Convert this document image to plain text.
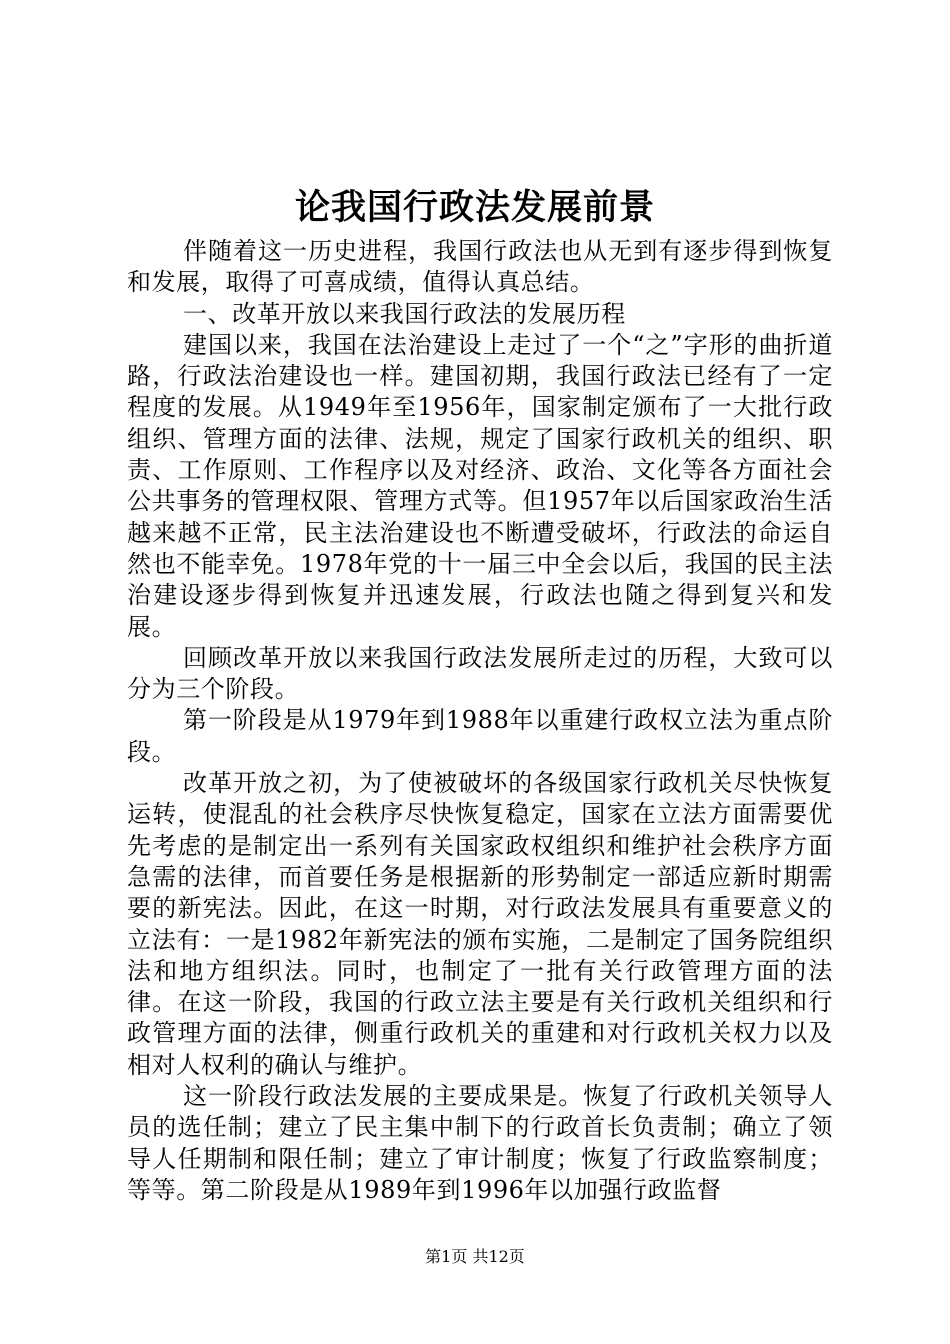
论我国行政法发展前景

伴随着这一历史进程，我国行政法也从无到有逐步得到恢复和发展，取得了可喜成绩，值得认真总结。

一、改革开放以来我国行政法的发展历程

建国以来，我国在法治建设上走过了一个“之”字形的曲折道路，行政法治建设也一样。建国初期，我国行政法已经有了一定程度的发展。从1949年至1956年，国家制定颁布了一大批行政组织、管理方面的法律、法规，规定了国家行政机关的组织、职责、工作原则、工作程序以及对经济、政治、文化等各方面社会公共事务的管理权限、管理方式等。但1957年以后国家政治生活越来越不正常，民主法治建设也不断遭受破坏，行政法的命运自然也不能幸免。1978年党的十一届三中全会以后，我国的民主法治建设逐步得到恢复并迅速发展，行政法也随之得到复兴和发展。

回顾改革开放以来我国行政法发展所走过的历程，大致可以分为三个阶段。

第一阶段是从1979年到1988年以重建行政权立法为重点阶段。

改革开放之初，为了使被破坏的各级国家行政机关尽快恢复运转，使混乱的社会秩序尽快恢复稳定，国家在立法方面需要优先考虑的是制定出一系列有关国家政权组织和维护社会秩序方面急需的法律，而首要任务是根据新的形势制定一部适应新时期需要的新宪法。因此，在这一时期，对行政法发展具有重要意义的立法有：一是1982年新宪法的颁布实施，二是制定了国务院组织法和地方组织法。同时，也制定了一批有关行政管理方面的法律。在这一阶段，我国的行政立法主要是有关行政机关组织和行政管理方面的法律，侧重行政机关的重建和对行政机关权力以及相对人权利的确认与维护。

这一阶段行政法发展的主要成果是。恢复了行政机关领导人员的选任制；建立了民主集中制下的行政首长负责制；确立了领导人任期制和限任制；建立了审计制度；恢复了行政监察制度；等等。第二阶段是从1989年到1996年以加强行政监督

第1页 共12页
